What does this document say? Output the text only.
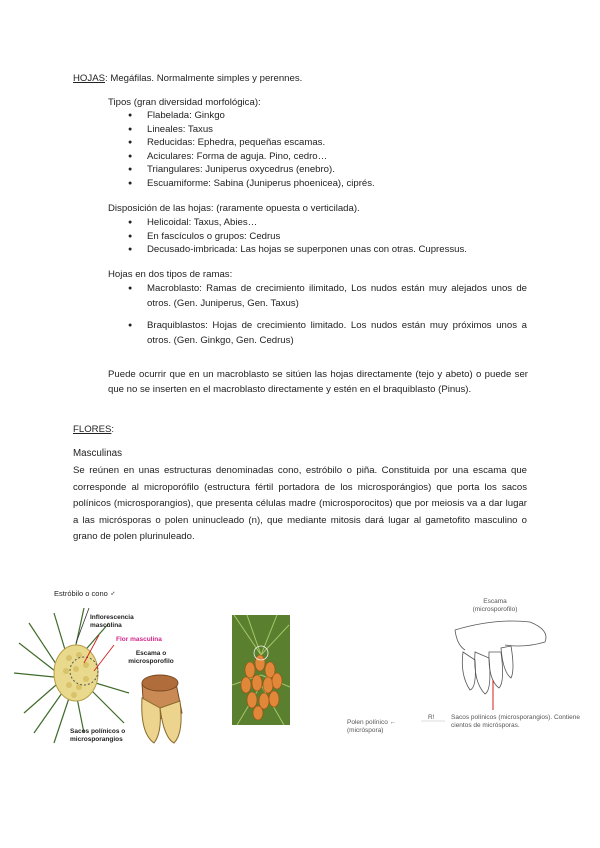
HOJAS: Megáfilas. Normalmente simples y perennes.
Tipos (gran diversidad morfológica):
● Flabelada: Ginkgo
● Lineales: Taxus
● Reducidas: Ephedra, pequeñas escamas.
● Aciculares: Forma de aguja. Pino, cedro…
● Triangulares: Juniperus oxycedrus (enebro).
● Escuamiforme: Sabina (Juniperus phoenicea), ciprés.
Disposición de las hojas: (raramente opuesta o verticilada).
● Helicoidal: Taxus, Abies…
● En fascículos o grupos: Cedrus
● Decusado-imbricada: Las hojas se superponen unas con otras. Cupressus.
Hojas en dos tipos de ramas:
● Macroblasto: Ramas de crecimiento ilimitado, Los nudos están muy alejados unos de otros. (Gen. Juniperus, Gen. Taxus)
● Braquiblastos: Hojas de crecimiento limitado. Los nudos están muy próximos unos a otros. (Gen. Ginkgo, Gen. Cedrus)
Puede ocurrir que en un macroblasto se sitúen las hojas directamente (tejo y abeto) o puede ser que no se inserten en el macroblasto directamente y estén en el braquiblasto (Pinus).
FLORES:
Masculinas
Se reúnen en unas estructuras denominadas cono, estróbilo o piña. Constituida por una escama que corresponde al microporófilo (estructura fértil portadora de los microsporángios) que porta los sacos polínicos (microsporangios), que presenta células madre (microsporocitos) que por meiosis va a dar lugar a las micrósporas o polen uninucleado (n), que mediante mitosis dará lugar al gametofito masculino o grano de polen plurinuleado.
Estróbilo o cono ♂
Inflorescencia masculina
Flor masculina
Escama o microsporofilo
Sacos polínicos o microsporangios
Escama (microsporofilo)
Sacos polínicos (microsporangios). Contiene cientos de micrósporas.
Polen polínico ← (micróspora)
R!
